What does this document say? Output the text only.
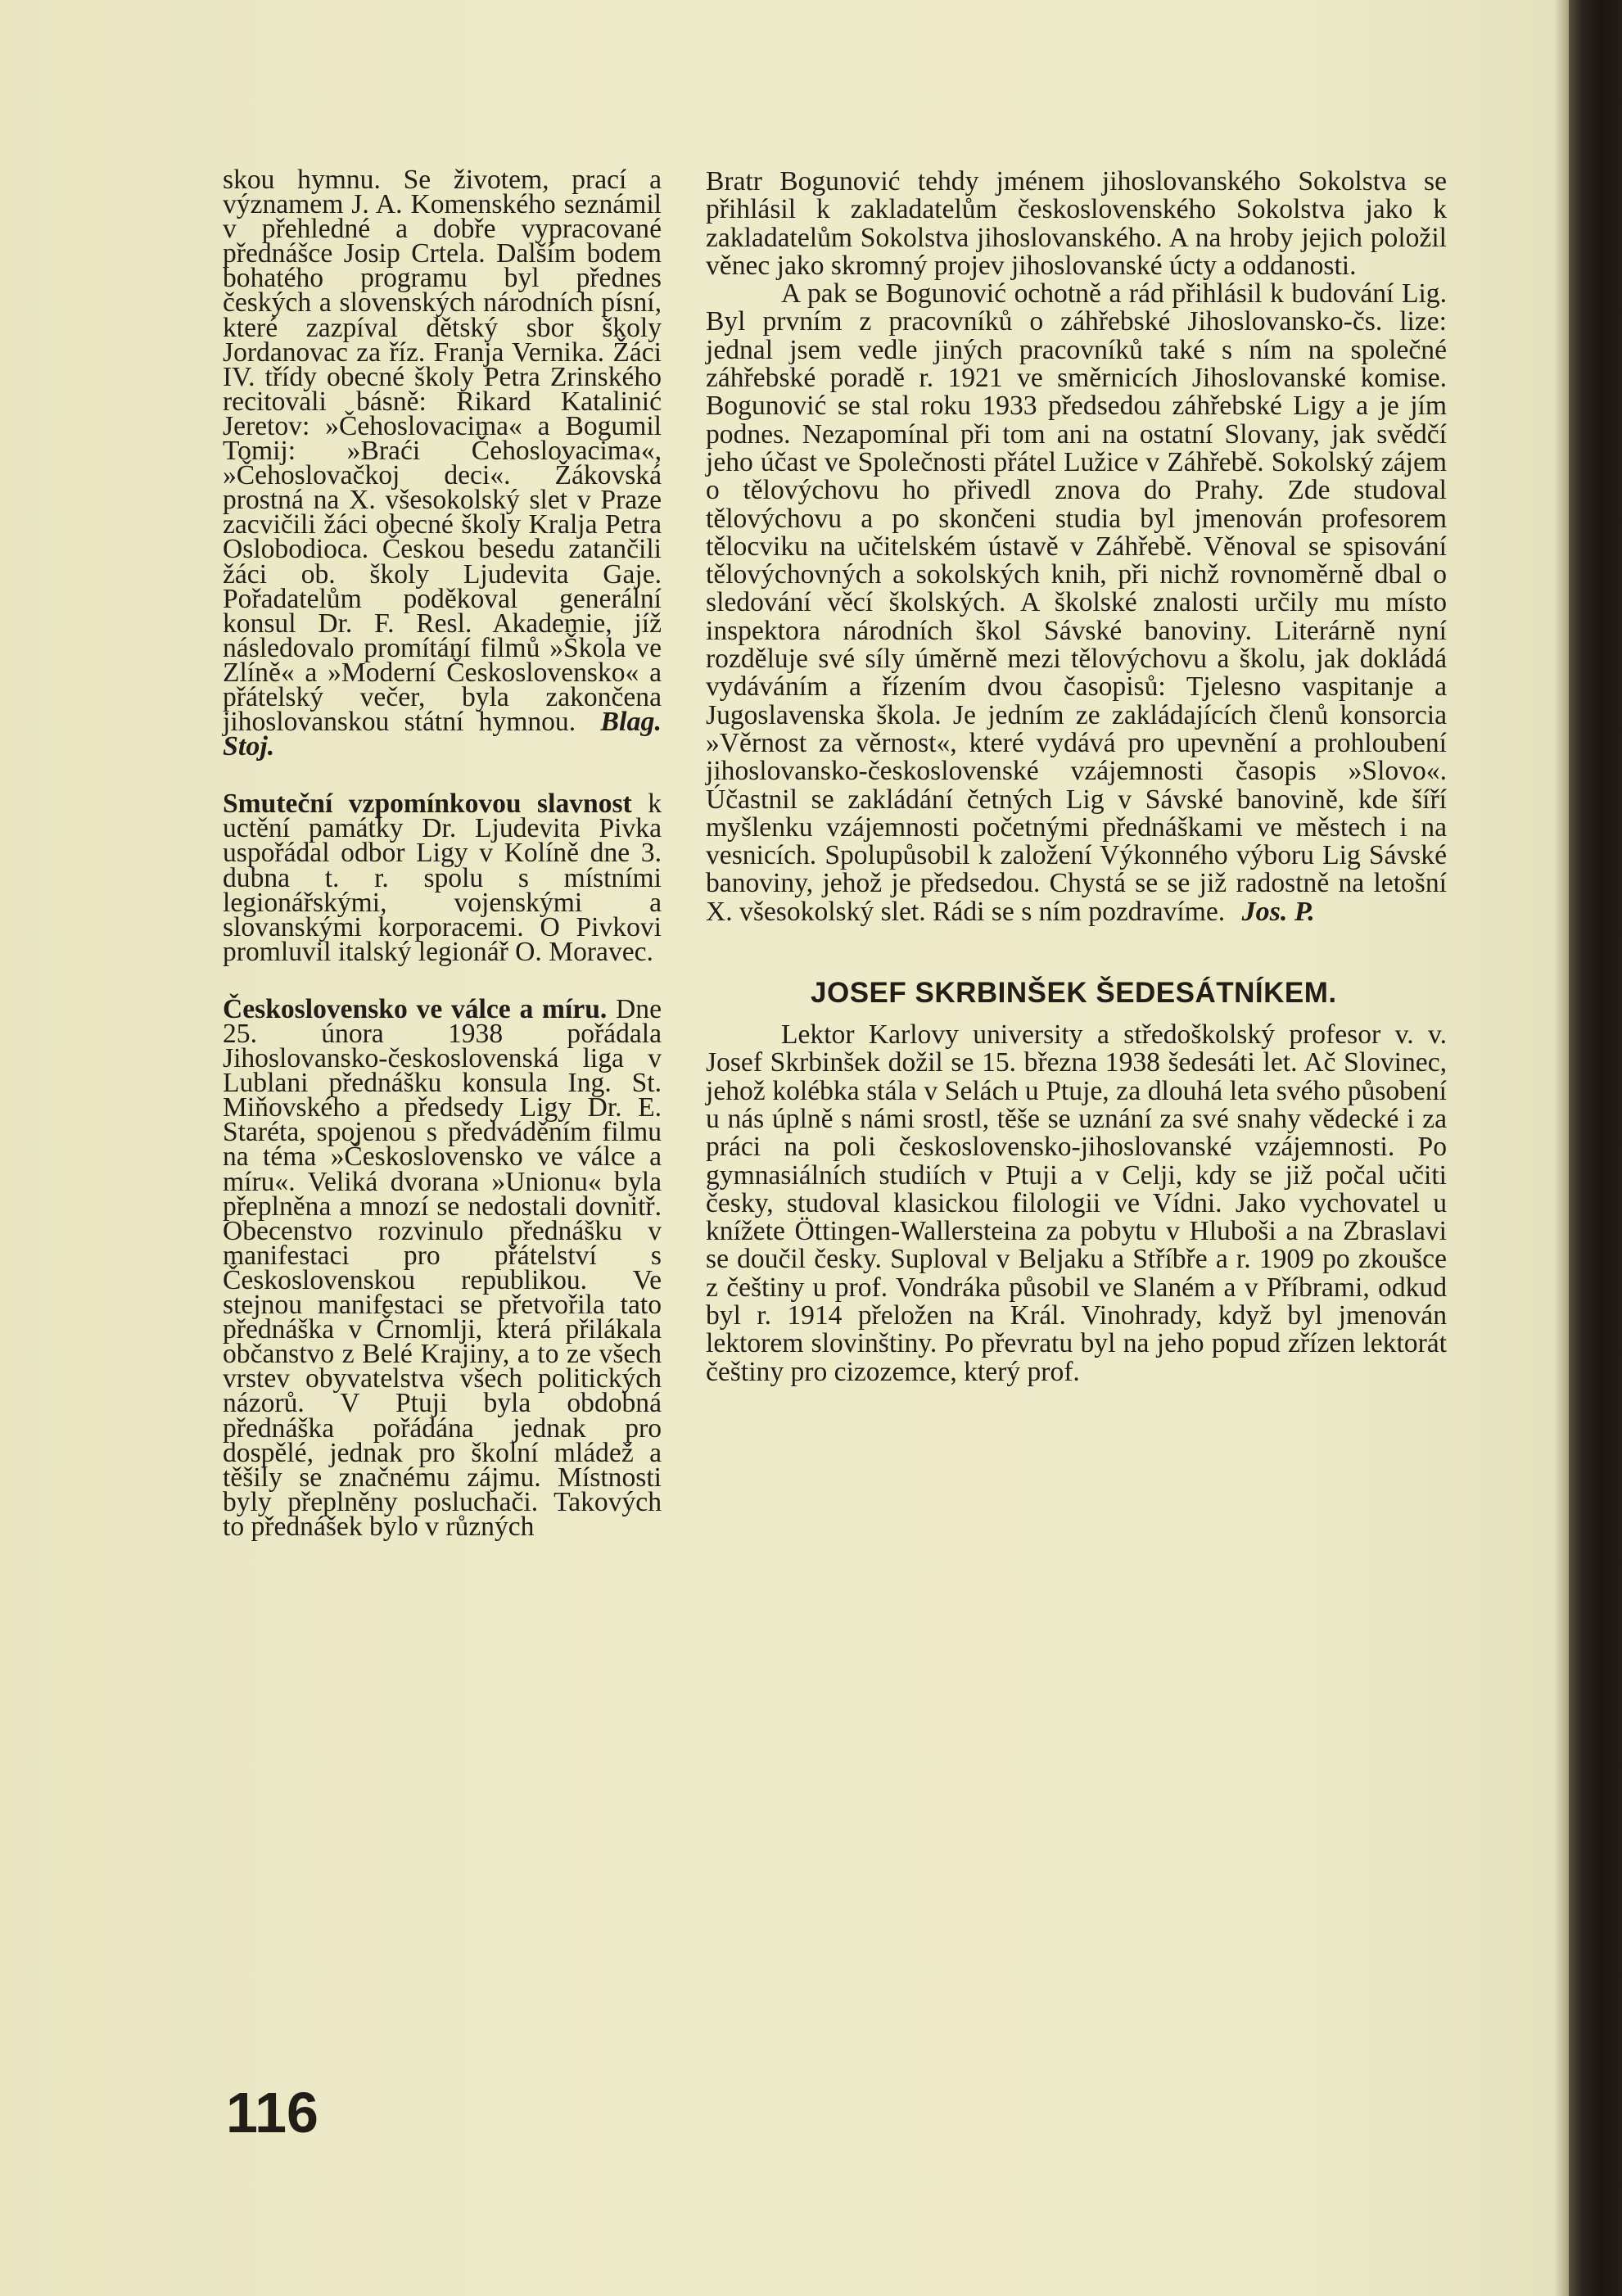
skou hymnu. Se životem, prací a významem J. A. Komenského seznámil v přehledné a dobře vypracované přednášce Josip Crtela. Dalším bodem bohatého programu byl přednes českých a slovenských národních písní, které zazpíval dětský sbor školy Jordanovac za říz. Franja Vernika. Žáci IV. třídy obecné školy Petra Zrinského recitovali básně: Rikard Katalinić Jeretov: »Čehoslovacima« a Bogumil Tomij: »Braći Čehoslovacima«, »Čehoslovačkoj deci«. Žákovská prostná na X. všesokolský slet v Praze zacvičili žáci obecné školy Kralja Petra Oslobodioca. Českou besedu zatančili žáci ob. školy Ljudevita Gaje. Pořadatelům poděkoval generální konsul Dr. F. Resl. Akademie, jíž následovalo promítání filmů »Škola ve Zlíně« a »Moderní Československo« a přátelský večer, byla zakončena jihoslovanskou státní hymnou. Blag. Stoj.

Smuteční vzpomínkovou slavnost k uctění památky Dr. Ljudevita Pivka uspořádal odbor Ligy v Kolíně dne 3. dubna t. r. spolu s místními legionářskými, vojenskými a slovanskými korporacemi. O Pivkovi promluvil italský legionář O. Moravec.

Československo ve válce a míru. Dne 25. února 1938 pořádala Jihoslovansko-československá liga v Lublani přednášku konsula Ing. St. Miňovského a předsedy Ligy Dr. E. Staréta, spojenou s předváděním filmu na téma »Československo ve válce a míru«. Veliká dvorana »Unionu« byla přeplněna a mnozí se nedostali dovnitř. Obecenstvo rozvinulo přednášku v manifestaci pro přátelství s Československou republikou. Ve stejnou manifestaci se přetvořila tato přednáška v Črnomlji, která přilákala občanstvo z Belé Krajiny, a to ze všech vrstev obyvatelstva všech politických názorů. V Ptuji byla obdobná přednáška pořádána jednak pro dospělé, jednak pro školní mládež a těšily se značnému zájmu. Místnosti byly přeplněny posluchači. Takových to přednášek bylo v různých

Bratr Bogunović tehdy jménem jihoslovanského Sokolstva se přihlásil k zakladatelům československého Sokolstva jako k zakladatelům Sokolstva jihoslovanského. A na hroby jejich položil věnec jako skromný projev jihoslovanské úcty a oddanosti.

A pak se Bogunović ochotně a rád přihlásil k budování Lig. Byl prvním z pracovníků o záhřebské Jihoslovansko-čs. lize: jednal jsem vedle jiných pracovníků také s ním na společné záhřebské poradě r. 1921 ve směrnicích Jihoslovanské komise. Bogunović se stal roku 1933 předsedou záhřebské Ligy a je jím podnes. Nezapomínal při tom ani na ostatní Slovany, jak svědčí jeho účast ve Společnosti přátel Lužice v Záhřebě. Sokolský zájem o tělovýchovu ho přivedl znova do Prahy. Zde studoval tělovýchovu a po skončeni studia byl jmenován profesorem tělocviku na učitelském ústavě v Záhřebě. Věnoval se spisování tělovýchovných a sokolských knih, při nichž rovnoměrně dbal o sledování věcí školských. A školské znalosti určily mu místo inspektora národních škol Sávské banoviny. Literárně nyní rozděluje své síly úměrně mezi tělovýchovu a školu, jak dokládá vydáváním a řízením dvou časopisů: Tjelesno vaspitanje a Jugoslavenska škola. Je jedním ze zakládajících členů konsorcia »Věrnost za věrnost«, které vydává pro upevnění a prohloubení jihoslovansko-československé vzájemnosti časopis »Slovo«. Účastnil se zakládání četných Lig v Sávské banovině, kde šíří myšlenku vzájemnosti početnými přednáškami ve městech i na vesnicích. Spolupůsobil k založení Výkonného výboru Lig Sávské banoviny, jehož je předsedou. Chystá se se již radostně na letošní X. všesokolský slet. Rádi se s ním pozdravíme. Jos. P.

JOSEF SKRBINŠEK ŠEDESÁTNÍKEM.

Lektor Karlovy university a středoškolský profesor v. v. Josef Skrbinšek dožil se 15. března 1938 šedesáti let. Ač Slovinec, jehož kolébka stála v Selách u Ptuje, za dlouhá leta svého působení u nás úplně s námi srostl, těše se uznání za své snahy vědecké i za práci na poli československo-jihoslovanské vzájemnosti. Po gymnasiálních studiích v Ptuji a v Celji, kdy se již počal učiti česky, studoval klasickou filologii ve Vídni. Jako vychovatel u knížete Öttingen-Wallersteina za pobytu v Hluboši a na Zbraslavi se doučil česky. Suploval v Beljaku a Stříbře a r. 1909 po zkoušce z češtiny u prof. Vondráka působil ve Slaném a v Příbrami, odkud byl r. 1914 přeložen na Král. Vinohrady, když byl jmenován lektorem slovinštiny. Po převratu byl na jeho popud zřízen lektorát češtiny pro cizozemce, který prof.

116
